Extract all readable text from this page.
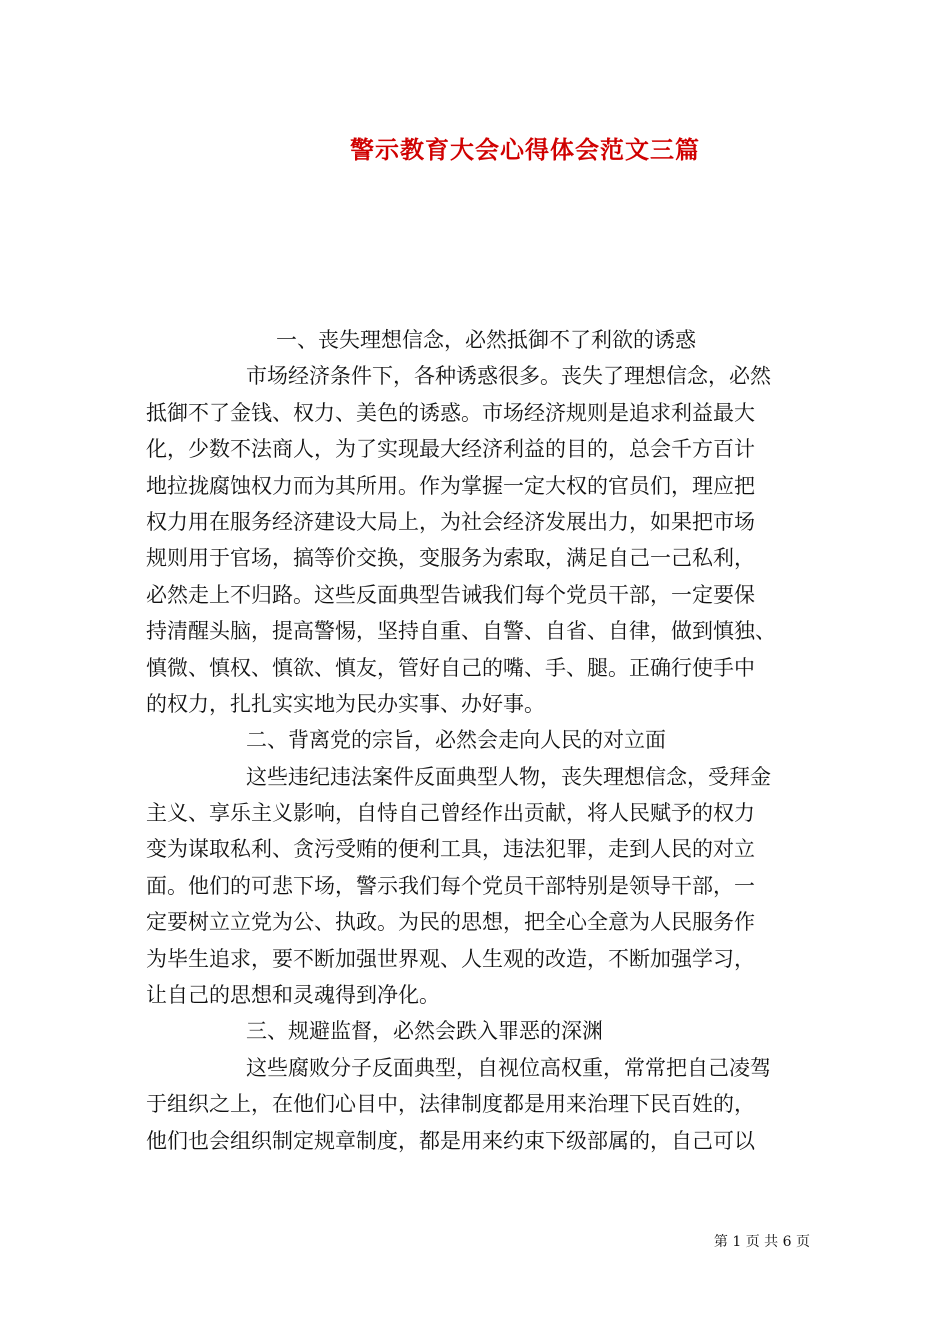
警示教育大会心得体会范文三篇
一、丧失理想信念，必然抵御不了利欲的诱惑
市场经济条件下，各种诱惑很多。丧失了理想信念，必然
抵御不了金钱、权力、美色的诱惑。市场经济规则是追求利益最大
化，少数不法商人，为了实现最大经济利益的目的，总会千方百计
地拉拢腐蚀权力而为其所用。作为掌握一定大权的官员们，理应把
权力用在服务经济建设大局上，为社会经济发展出力，如果把市场
规则用于官场，搞等价交换，变服务为索取，满足自己一己私利，
必然走上不归路。这些反面典型告诫我们每个党员干部，一定要保
持清醒头脑，提高警惕，坚持自重、自警、自省、自律，做到慎独、
慎微、慎权、慎欲、慎友，管好自己的嘴、手、腿。正确行使手中
的权力，扎扎实实地为民办实事、办好事。
二、背离党的宗旨，必然会走向人民的对立面
这些违纪违法案件反面典型人物，丧失理想信念，受拜金
主义、享乐主义影响，自恃自己曾经作出贡献，将人民赋予的权力
变为谋取私利、贪污受贿的便利工具，违法犯罪，走到人民的对立
面。他们的可悲下场，警示我们每个党员干部特别是领导干部，一
定要树立立党为公、执政。为民的思想，把全心全意为人民服务作
为毕生追求，要不断加强世界观、人生观的改造，不断加强学习，
让自己的思想和灵魂得到净化。
三、规避监督，必然会跌入罪恶的深渊
这些腐败分子反面典型，自视位高权重，常常把自己凌驾
于组织之上，在他们心目中，法律制度都是用来治理下民百姓的，
他们也会组织制定规章制度，都是用来约束下级部属的，自己可以
第 1 页 共 6 页
